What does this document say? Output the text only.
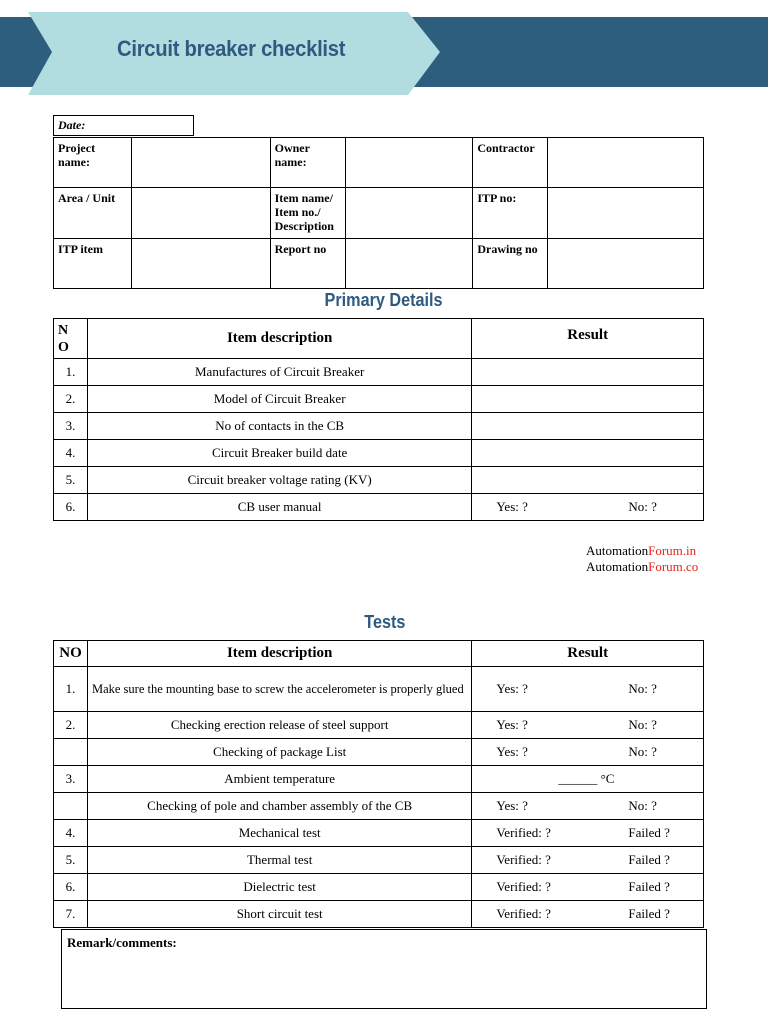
Circuit breaker checklist
Date:
Project name:		Owner name:		Contractor	
Area / Unit		Item name/ Item no./ Description		ITP no:	
ITP item		Report no		Drawing no	
Primary Details
N O	Item description	Result
1.	Manufactures of Circuit Breaker	
2.	Model of Circuit Breaker	
3.	No of contacts in the CB	
4.	Circuit Breaker build date	
5.	Circuit breaker voltage rating (KV)	
6.	CB user manual	Yes: ? No: ?
AutomationForum.in
AutomationForum.co
Tests
NO	Item description	Result
1.	Make sure the mounting base to screw the accelerometer is properly glued	Yes: ? No: ?

2.	Checking erection release of steel support	Yes: ? No: ?

	Checking of package List	Yes: ? No: ?

3.	Ambient temperature	______ °C

	Checking of pole and chamber assembly of the CB	Yes: ? No: ?

4.	Mechanical test	Verified: ? Failed ?

5.	Thermal test	Verified: ? Failed ?

6.	Dielectric test	Verified: ? Failed ?

7.	Short circuit test	Verified: ? Failed ?
Remark/comments:
